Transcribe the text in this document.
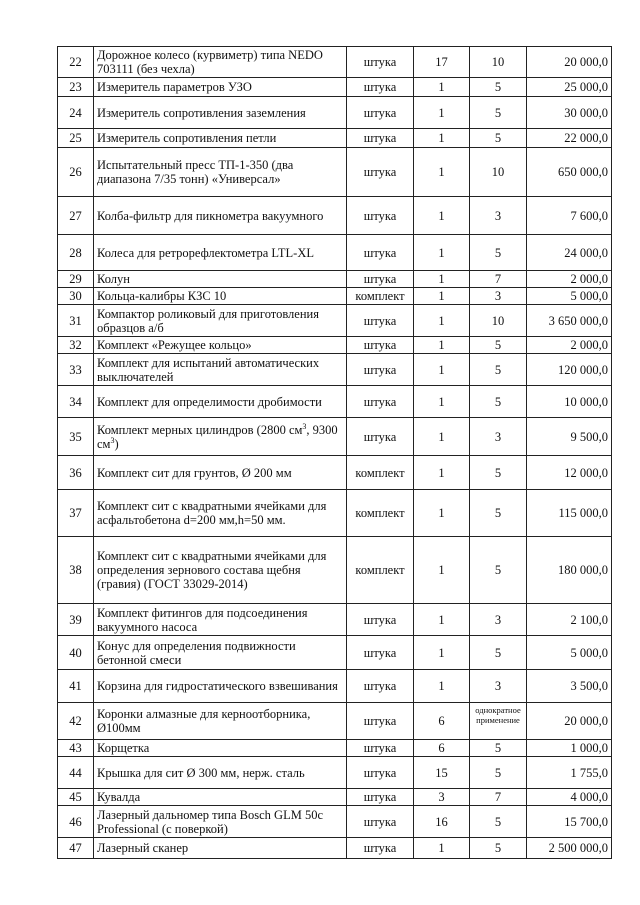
22	Дорожное колесо (курвиметр) типа NEDO 703111 (без чехла)	штука	17	10	20 000,0
23	Измеритель параметров УЗО	штука	1	5	25 000,0
24	Измеритель сопротивления заземления	штука	1	5	30 000,0
25	Измеритель сопротивления петли	штука	1	5	22 000,0
26	Испытательный пресс ТП-1-350 (два диапазона 7/35 тонн) «Универсал»	штука	1	10	650 000,0
27	Колба-фильтр для пикнометра вакуумного	штука	1	3	7 600,0
28	Колеса для ретрорефлектометра LTL-XL	штука	1	5	24 000,0
29	Колун	штука	1	7	2 000,0
30	Кольца-калибры КЗС 10	комплект	1	3	5 000,0
31	Компактор роликовый для приготовления образцов а/б	штука	1	10	3 650 000,0
32	Комплект «Режущее кольцо»	штука	1	5	2 000,0
33	Комплект для испытаний автоматических выключателей	штука	1	5	120 000,0
34	Комплект для определимости дробимости	штука	1	5	10 000,0
35	Комплект мерных цилиндров (2800 $см^3$, 9300 $см^3$)	штука	1	3	9 500,0
36	Комплект сит для грунтов, Ø 200 мм	комплект	1	5	12 000,0
37	Комплект сит с квадратными ячейками для асфальтобетона d=200 мм,h=50 мм.	комплект	1	5	115 000,0
38	Комплект сит с квадратными ячейками для определения зернового состава щебня (гравия) (ГОСТ 33029-2014)	комплект	1	5	180 000,0
39	Комплект фитингов для подсоединения вакуумного насоса	штука	1	3	2 100,0
40	Конус для определения подвижности бетонной смеси	штука	1	5	5 000,0
41	Корзина для гидростатического взвешивания	штука	1	3	3 500,0
42	Коронки алмазные для керноотборника, Ø100мм	штука	6	однократное применение	20 000,0
43	Корщетка	штука	6	5	1 000,0
44	Крышка для сит Ø 300 мм, нерж. сталь	штука	15	5	1 755,0
45	Кувалда	штука	3	7	4 000,0
46	Лазерный дальномер типа Bosch GLM 50c Professional (с поверкой)	штука	16	5	15 700,0
47	Лазерный сканер	штука	1	5	2 500 000,0
